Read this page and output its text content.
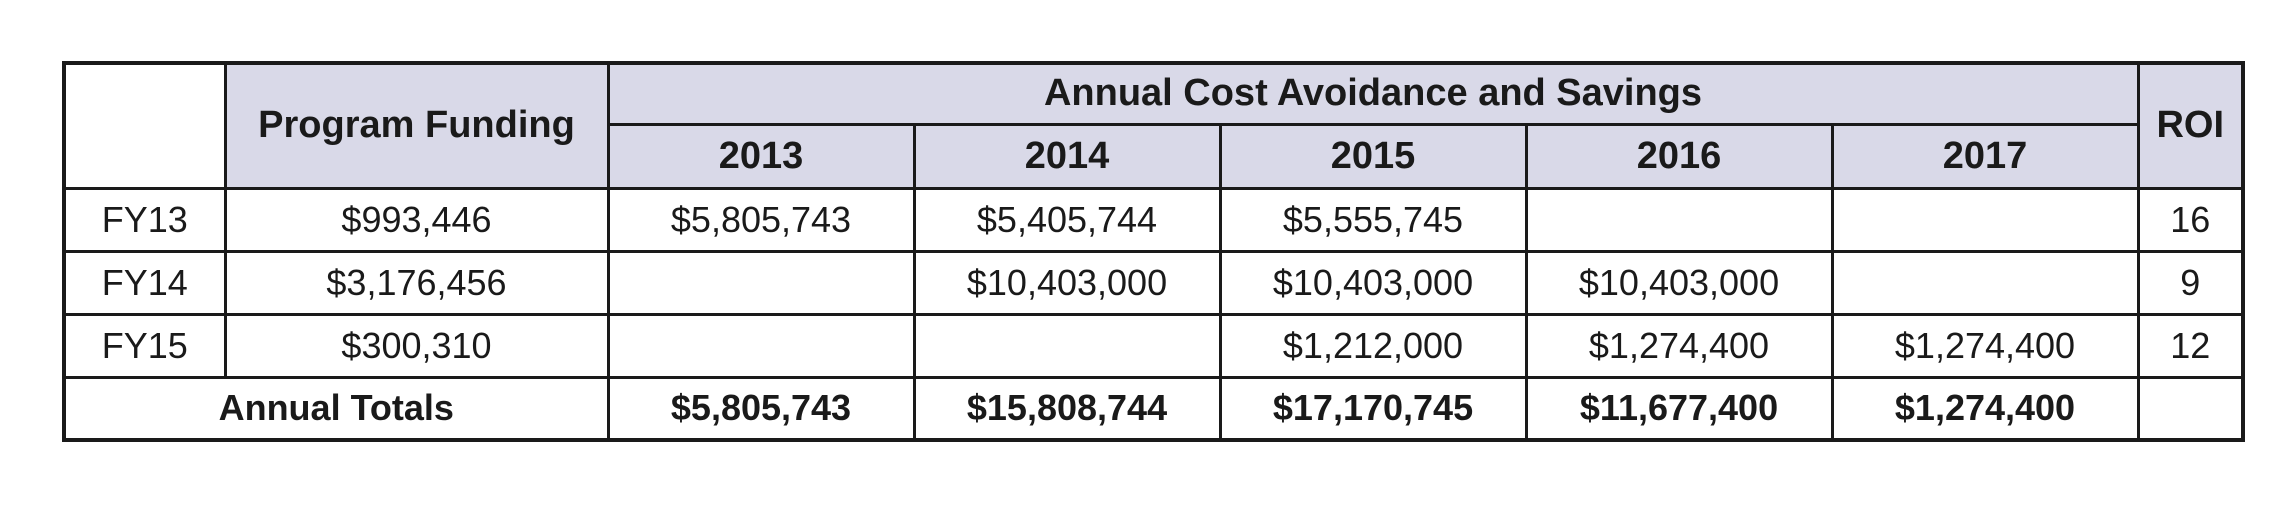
	Program Funding	Annual Cost Avoidance and Savings					ROI
		2013	2014	2015	2016	2017	
FY13	$993,446	$5,805,743	$5,405,744	$5,555,745			16
FY14	$3,176,456		$10,403,000	$10,403,000	$10,403,000		9
FY15	$300,310			$1,212,000	$1,274,400	$1,274,400	12
Annual Totals		$5,805,743	$15,808,744	$17,170,745	$11,677,400	$1,274,400	
